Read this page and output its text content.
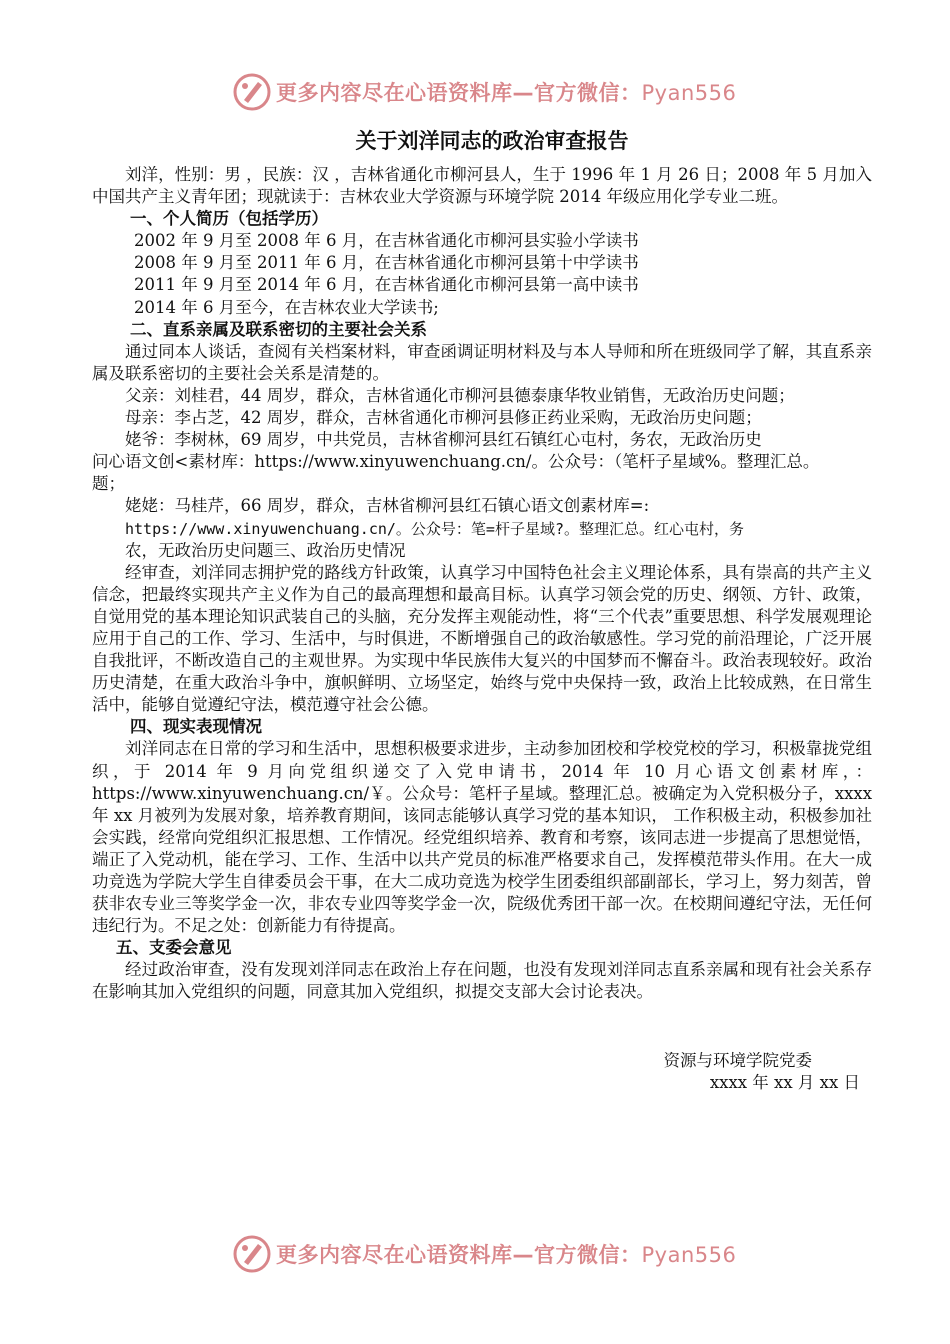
更多内容尽在心语资料库—官方微信：Pyan556
关于刘洋同志的政治审查报告

刘洋，性别：男 ，民族：汉 ，吉林省通化市柳河县人，生于 1996 年 1 月 26 日；2008 年 5 月加入中国共产主义青年团；现就读于：吉林农业大学资源与环境学院 2014 年级应用化学专业二班。

一、个人简历（包括学历）

2002 年 9 月至 2008 年 6 月，在吉林省通化市柳河县实验小学读书

2008 年 9 月至 2011 年 6 月，在吉林省通化市柳河县第十中学读书

2011 年 9 月至 2014 年 6 月，在吉林省通化市柳河县第一高中读书

2014 年 6 月至今，在吉林农业大学读书;

二、直系亲属及联系密切的主要社会关系

通过同本人谈话，查阅有关档案材料，审查函调证明材料及与本人导师和所在班级同学了解，其直系亲属及联系密切的主要社会关系是清楚的。

父亲：刘桂君，44 周岁，群众，吉林省通化市柳河县德泰康华牧业销售，无政治历史问题；

母亲：李占芝，42 周岁，群众，吉林省通化市柳河县修正药业采购，无政治历史问题；

姥爷：李树林，69 周岁，中共党员，吉林省柳河县红石镇红心屯村，务农，无政治历史

问心语文创<素材库：https://www.xinyuwenchuang.cn/。公众号：（笔杆子星域%。整理汇总。

题；

姥姥：马桂芹，66 周岁，群众，吉林省柳河县红石镇心语文创素材库=:

https://www.xinyuwenchuang.cn/。公众号：笔=杆子星域?。整理汇总。红心屯村，务

农，无政治历史问题三、政治历史情况

经审查，刘洋同志拥护党的路线方针政策，认真学习中国特色社会主义理论体系，具有崇高的共产主义信念，把最终实现共产主义作为自己的最高理想和最高目标。认真学习领会党的历史、纲领、方针、政策，自觉用党的基本理论知识武装自己的头脑，充分发挥主观能动性，将“三个代表”重要思想、科学发展观理论应用于自己的工作、学习、生活中，与时俱进，不断增强自己的政治敏感性。学习党的前沿理论，广泛开展自我批评，不断改造自己的主观世界。为实现中华民族伟大复兴的中国梦而不懈奋斗。政治表现较好。政治历史清楚，在重大政治斗争中，旗帜鲜明、立场坚定，始终与党中央保持一致，政治上比较成熟，在日常生活中，能够自觉遵纪守法，模范遵守社会公德。

四、现实表现情况

刘洋同志在日常的学习和生活中，思想积极要求进步，主动参加团校和学校党校的学习，积极靠拢党组织，于 2014 年 9 月向党组织递交了入党申请书，2014 年 10 月心语文创素材库，：https://www.xinyuwenchuang.cn/￥。公众号：笔杆子星域。整理汇总。被确定为入党积极分子，xxxx 年 xx 月被列为发展对象，培养教育期间，该同志能够认真学习党的基本知识， 工作积极主动，积极参加社会实践，经常向党组织汇报思想、工作情况。经党组织培养、教育和考察，该同志进一步提高了思想觉悟，端正了入党动机，能在学习、工作、生活中以共产党员的标准严格要求自己，发挥模范带头作用。在大一成功竞选为学院大学生自律委员会干事，在大二成功竞选为校学生团委组织部副部长，学习上，努力刻苦，曾获非农专业三等奖学金一次，非农专业四等奖学金一次，院级优秀团干部一次。在校期间遵纪守法，无任何违纪行为。不足之处：创新能力有待提高。

五、支委会意见

经过政治审查，没有发现刘洋同志在政治上存在问题，也没有发现刘洋同志直系亲属和现有社会关系存在影响其加入党组织的问题，同意其加入党组织，拟提交支部大会讨论表决。

资源与环境学院党委

xxxx 年 xx 月 xx 日

更多内容尽在心语资料库—官方微信：Pyan556
